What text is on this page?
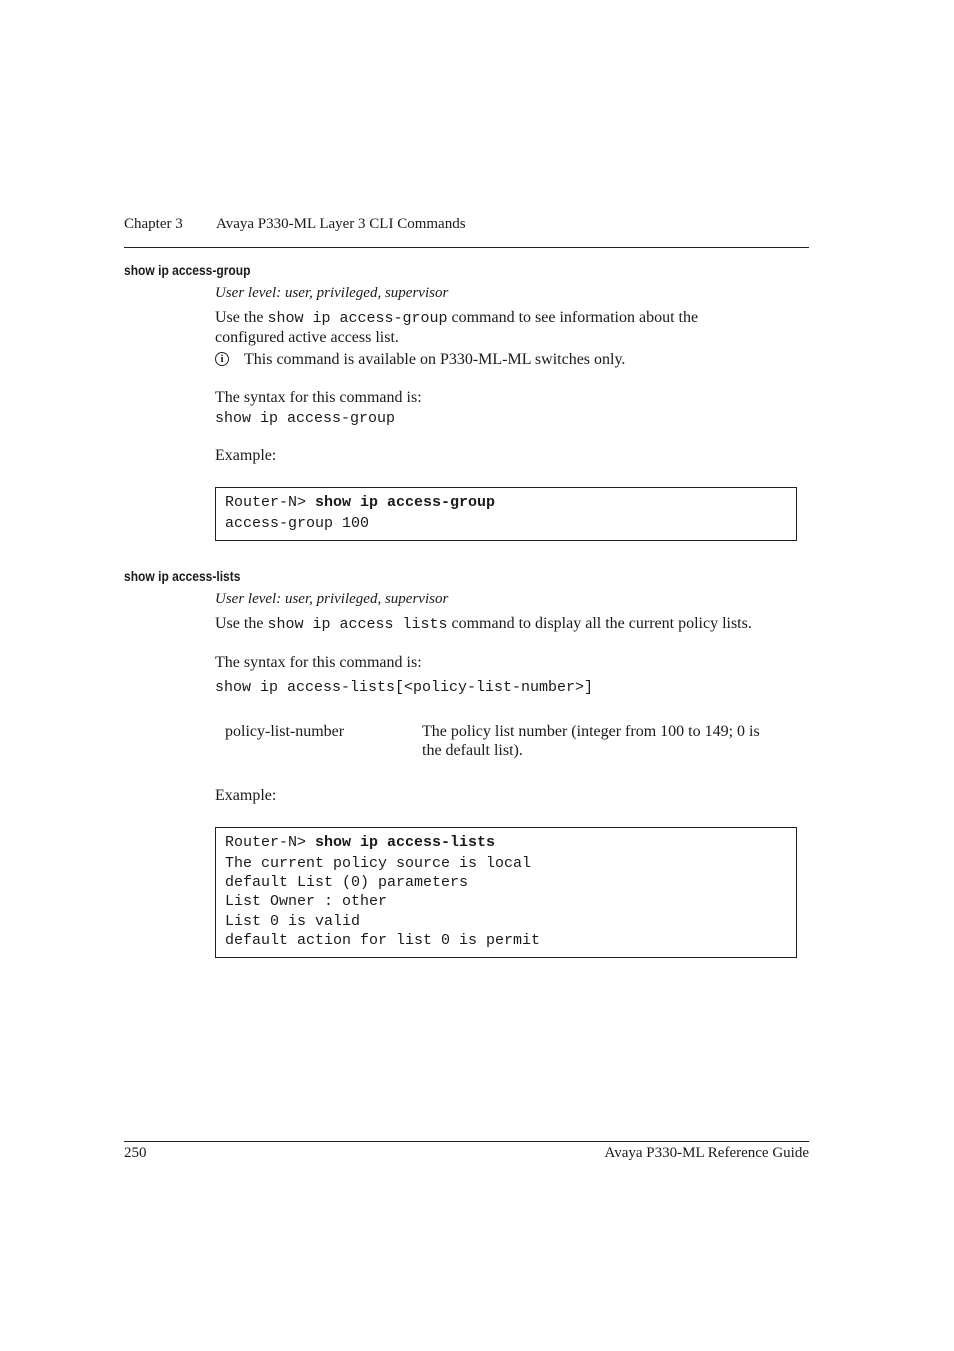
Chapter 3 Avaya P330-ML Layer 3 CLI Commands
show ip access-group
User level: user, privileged, supervisor
Use the show ip access-group command to see information about the
configured active access list.
i	This command is available on P330-ML-ML switches only.
The syntax for this command is:
show ip access-group
Example:
Router-N> show ip access-group
access-group 100
show ip access-lists
User level: user, privileged, supervisor
Use the show ip access lists command to display all the current policy lists.
The syntax for this command is:
show ip access-lists[<policy-list-number>]
policy-list-number	The policy list number (integer from 100 to 149; 0 is
the default list).
Example:
Router-N> show ip access-lists
The current policy source is local
default List (0) parameters
List Owner : other
List 0 is valid
default action for list 0 is permit
250	Avaya P330-ML Reference Guide
